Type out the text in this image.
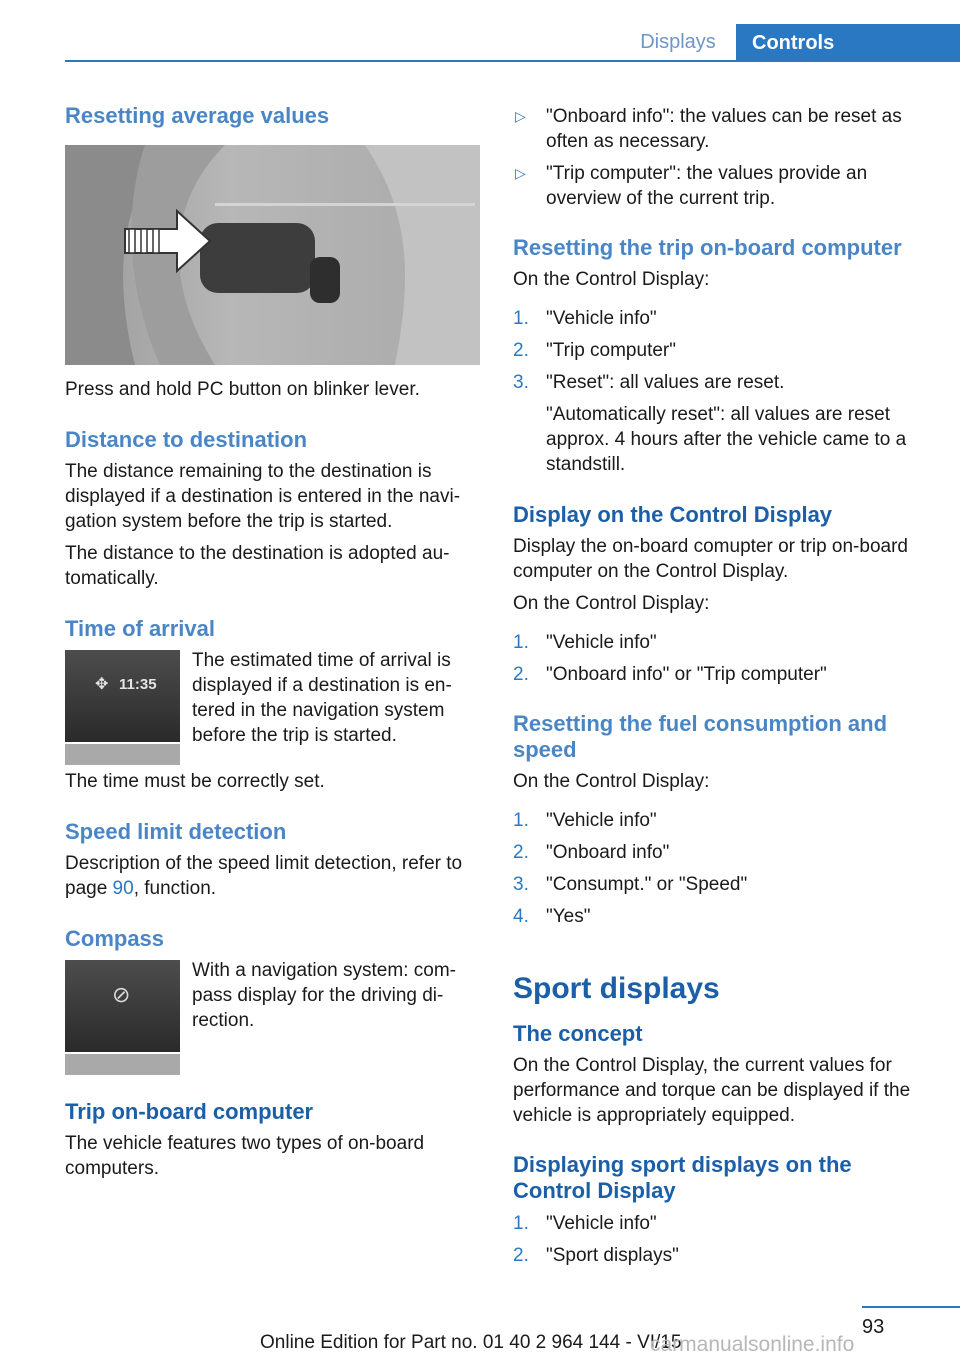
Displays	Controls
Resetting average values

Press and hold PC button on blinker lever.

Distance to destination

The distance remaining to the destination is displayed if a destination is entered in the navi‐gation system before the trip is started.

The distance to the destination is adopted au‐tomatically.

Time of arrival
✥ 11:35

The estimated time of arrival is displayed if a destination is en‐tered in the navigation system before the trip is started.

The time must be correctly set.

Speed limit detection

Description of the speed limit detection, refer to page 90, function.

Compass
⊘

With a navigation system: com‐pass display for the driving di‐rection.

Trip on-board computer

The vehicle features two types of on-board computers.

▷ "Onboard info": the values can be reset as often as necessary.
▷ "Trip computer": the values provide an overview of the current trip.
Resetting the trip on-board computer

On the Control Display:

1. "Vehicle info"
2. "Trip computer"
3. "Reset": all values are reset.

"Automatically reset": all values are reset approx. 4 hours after the vehicle came to a standstill.

Display on the Control Display

Display the on-board comupter or trip on-board computer on the Control Display.

On the Control Display:

1. "Vehicle info"
2. "Onboard info" or "Trip computer"
Resetting the fuel consumption and speed

On the Control Display:

1. "Vehicle info"
2. "Onboard info"
3. "Consumpt." or "Speed"
4. "Yes"
Sport displays
The concept

On the Control Display, the current values for performance and torque can be displayed if the vehicle is appropriately equipped.

Displaying sport displays on the Control Display
1. "Vehicle info"
2. "Sport displays"
93
Online Edition for Part no. 01 40 2 964 144 - VI/15
carmanualsonline.info
